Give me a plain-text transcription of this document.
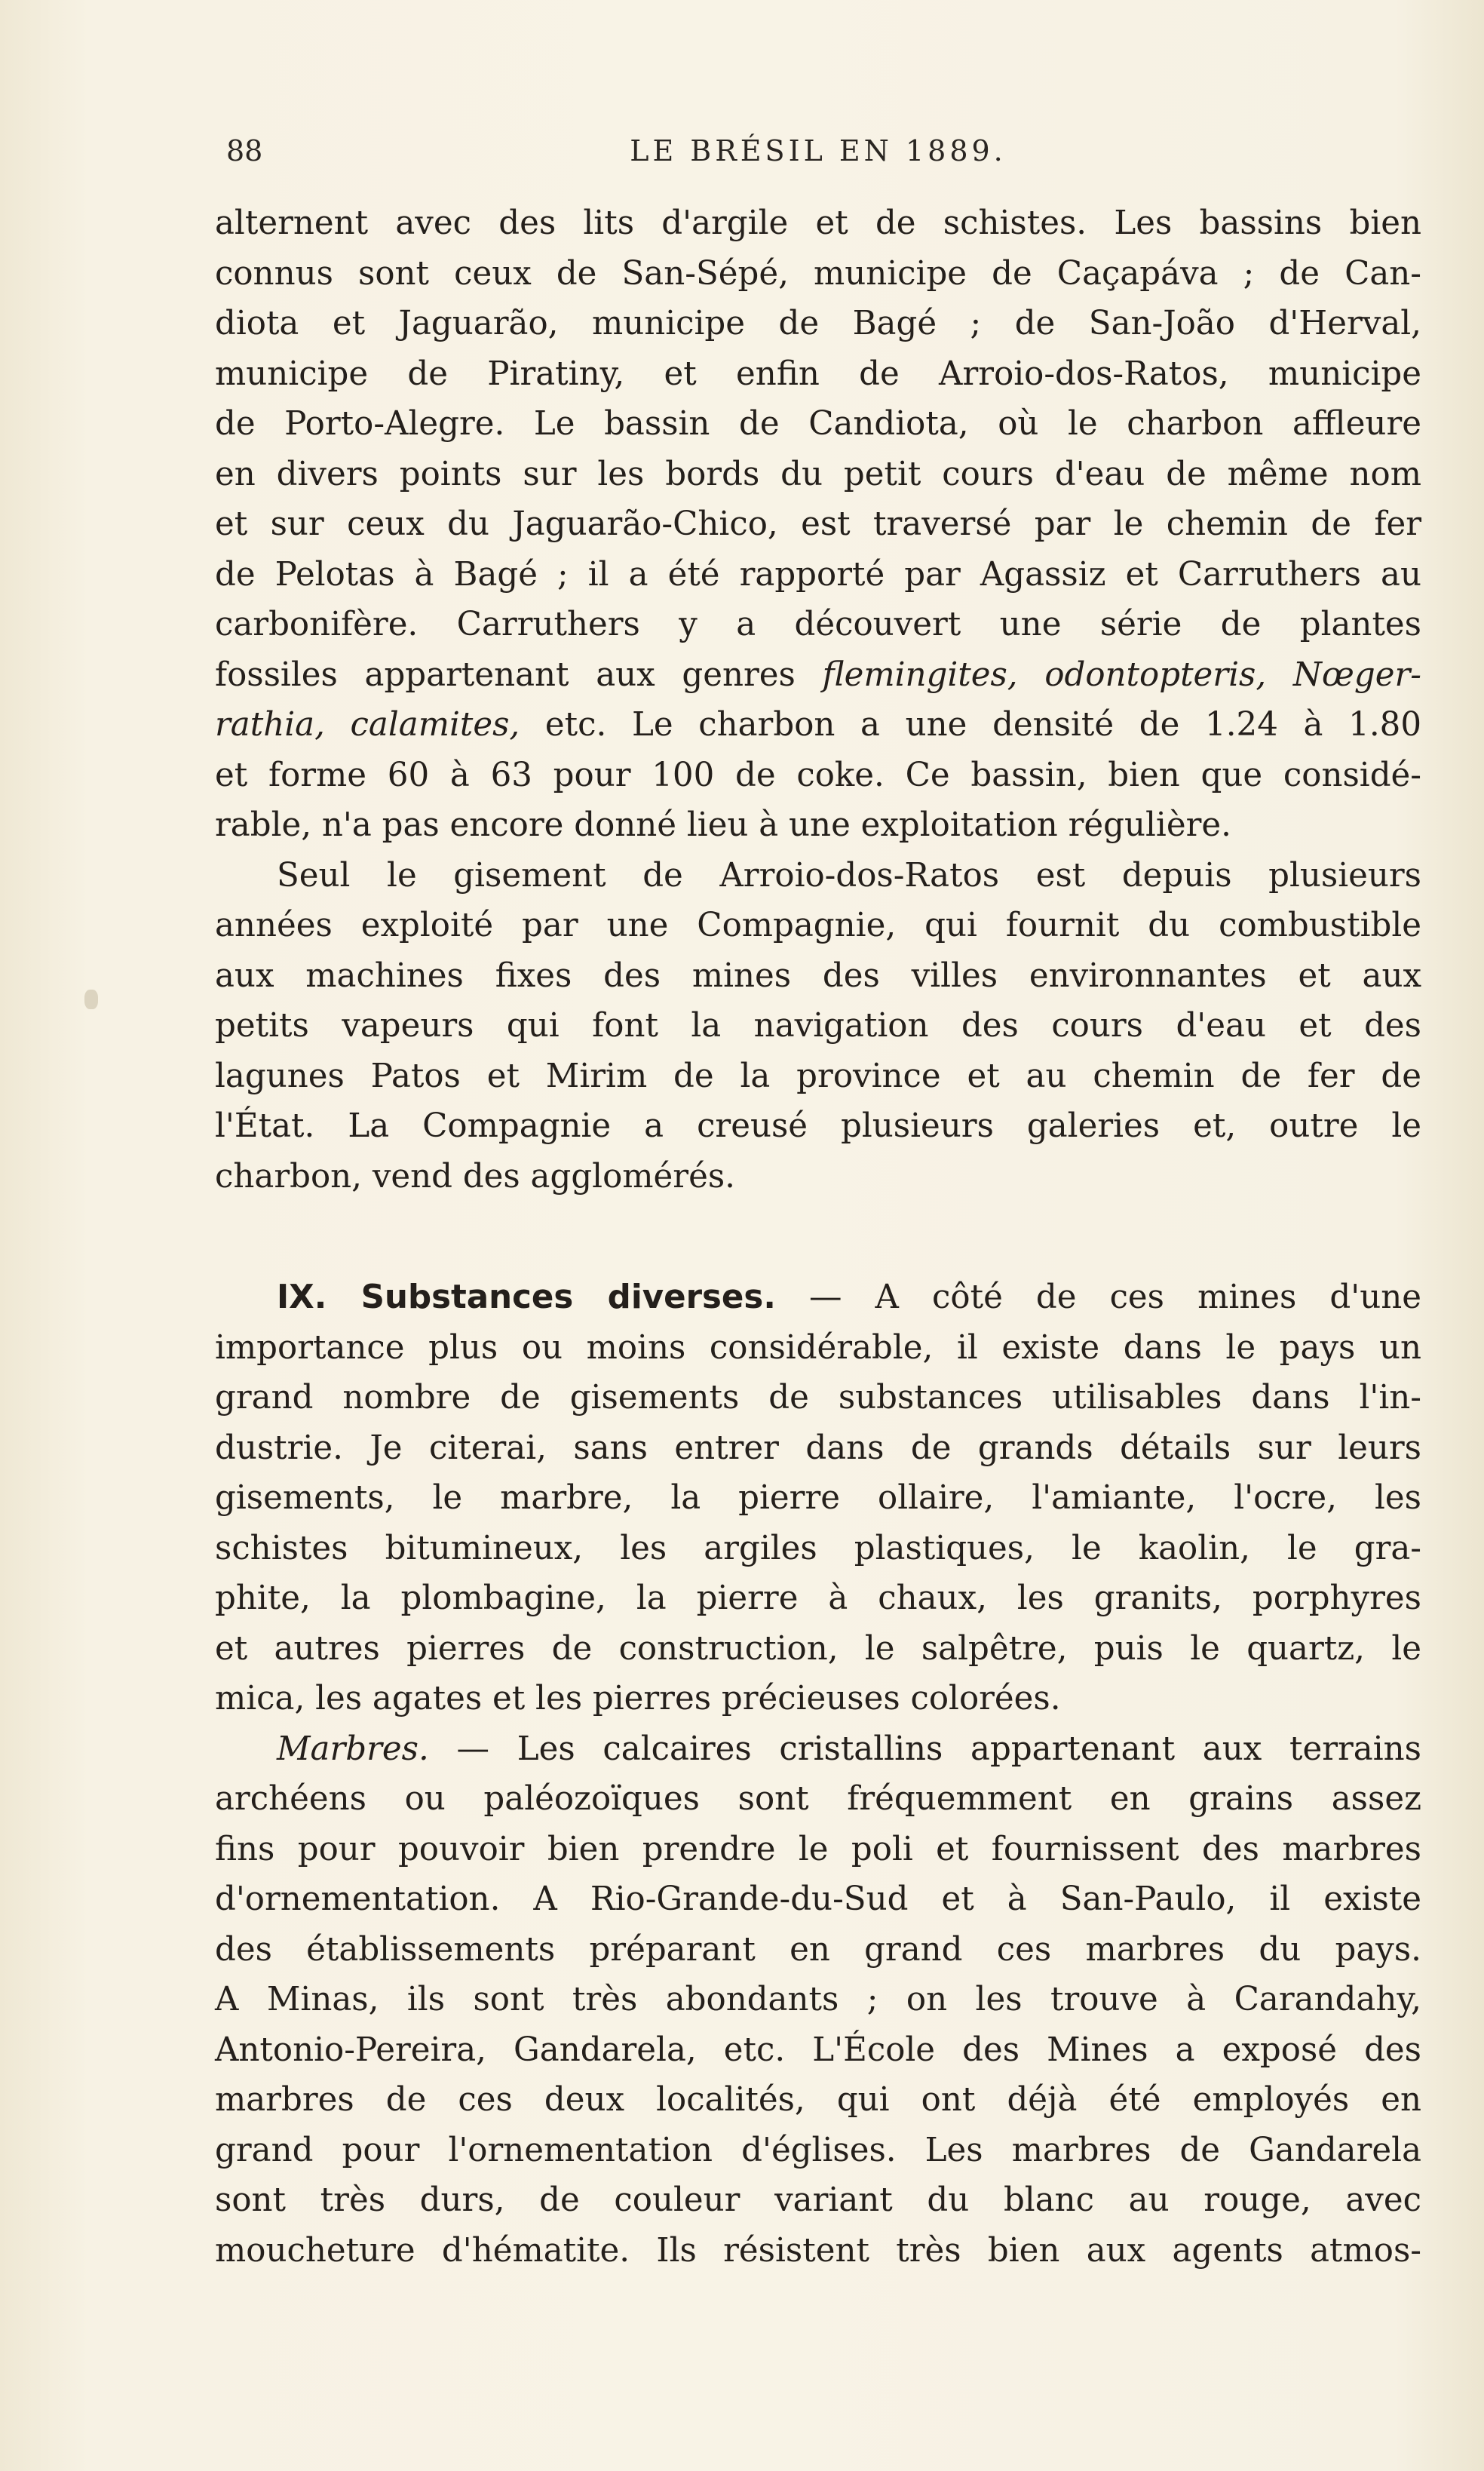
88	LE BRÉSIL EN 1889.
alternent avec des lits d'argile et de schistes. Les bassins bien
connus sont ceux de San-Sépé, municipe de Caçapáva ; de Can-
diota et Jaguarão, municipe de Bagé ; de San-João d'Herval,
municipe de Piratiny, et enfin de Arroio-dos-Ratos, municipe
de Porto-Alegre. Le bassin de Candiota, où le charbon affleure
en divers points sur les bords du petit cours d'eau de même nom
et sur ceux du Jaguarão-Chico, est traversé par le chemin de fer
de Pelotas à Bagé ; il a été rapporté par Agassiz et Carruthers au
carbonifère. Carruthers y a découvert une série de plantes
fossiles appartenant aux genres flemingites, odontopteris, Nœger-
rathia, calamites, etc. Le charbon a une densité de 1.24 à 1.80
et forme 60 à 63 pour 100 de coke. Ce bassin, bien que considé-
rable, n'a pas encore donné lieu à une exploitation régulière.
Seul le gisement de Arroio-dos-Ratos est depuis plusieurs
années exploité par une Compagnie, qui fournit du combustible
aux machines fixes des mines des villes environnantes et aux
petits vapeurs qui font la navigation des cours d'eau et des
lagunes Patos et Mirim de la province et au chemin de fer de
l'État. La Compagnie a creusé plusieurs galeries et, outre le
charbon, vend des agglomérés.
IX. Substances diverses. — A côté de ces mines d'une
importance plus ou moins considérable, il existe dans le pays un
grand nombre de gisements de substances utilisables dans l'in-
dustrie. Je citerai, sans entrer dans de grands détails sur leurs
gisements, le marbre, la pierre ollaire, l'amiante, l'ocre, les
schistes bitumineux, les argiles plastiques, le kaolin, le gra-
phite, la plombagine, la pierre à chaux, les granits, porphyres
et autres pierres de construction, le salpêtre, puis le quartz, le
mica, les agates et les pierres précieuses colorées.
Marbres. — Les calcaires cristallins appartenant aux terrains
archéens ou paléozoïques sont fréquemment en grains assez
fins pour pouvoir bien prendre le poli et fournissent des marbres
d'ornementation. A Rio-Grande-du-Sud et à San-Paulo, il existe
des établissements préparant en grand ces marbres du pays.
A Minas, ils sont très abondants ; on les trouve à Carandahy,
Antonio-Pereira, Gandarela, etc. L'École des Mines a exposé des
marbres de ces deux localités, qui ont déjà été employés en
grand pour l'ornementation d'églises. Les marbres de Gandarela
sont très durs, de couleur variant du blanc au rouge, avec
moucheture d'hématite. Ils résistent très bien aux agents atmos-
